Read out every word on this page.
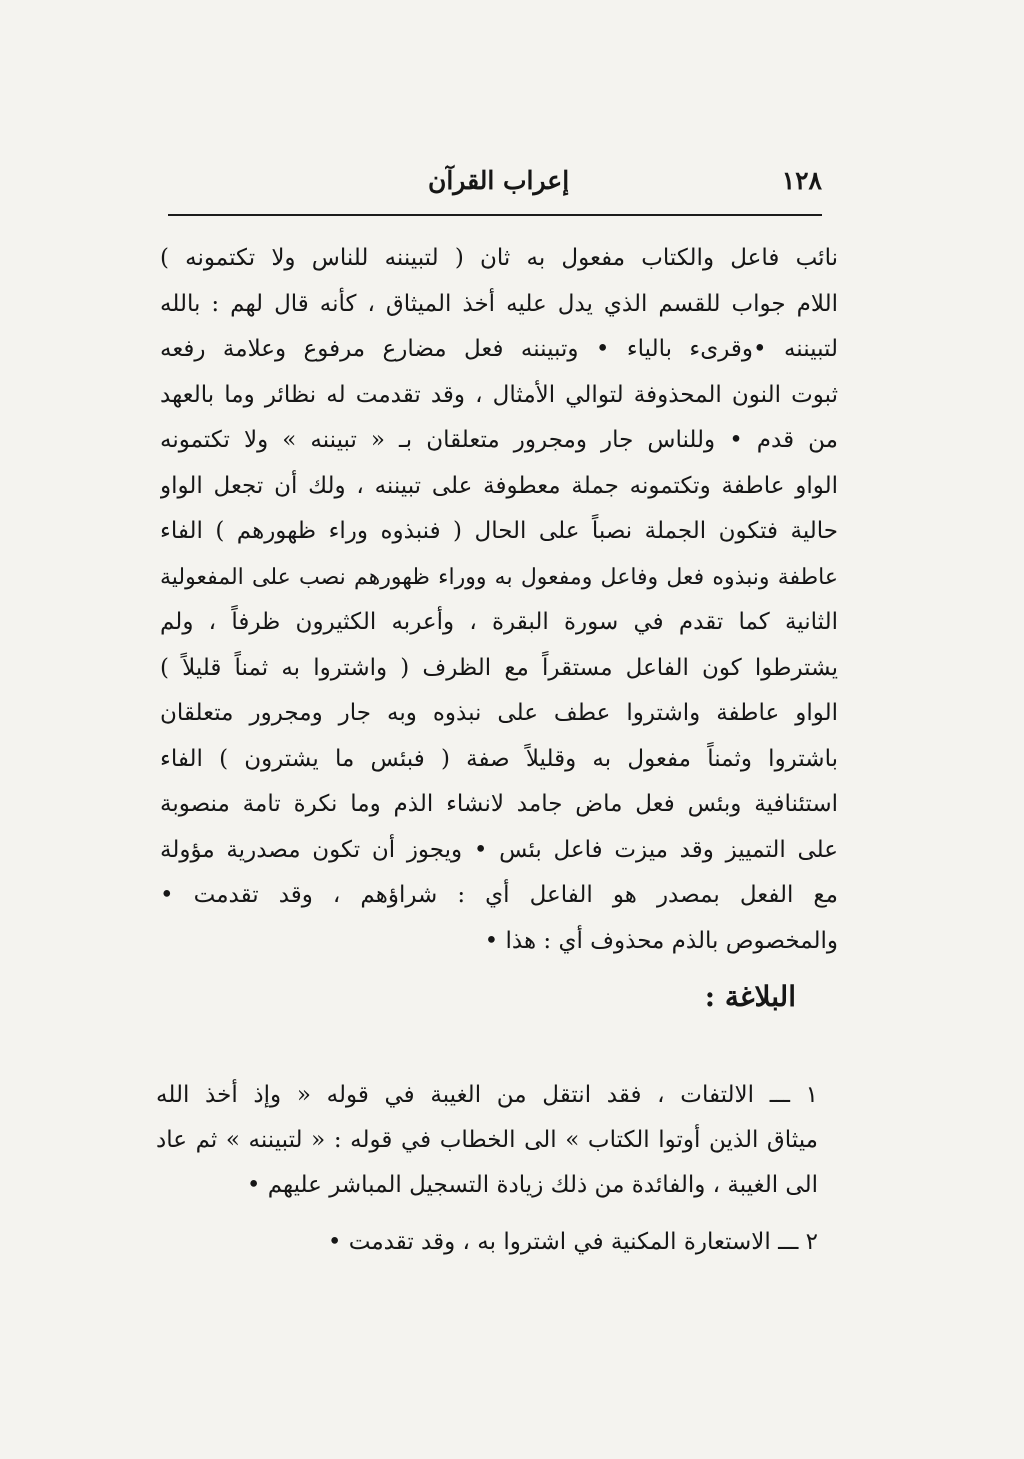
١٢٨
إعراب القرآن
نائب فاعل والكتاب مفعول به ثان ( لتبيننه للناس ولا تكتمونه )
اللام جواب للقسم الذي يدل عليه أخذ الميثاق ، كأنه قال لهم : بالله
لتبيننه •وقرىء بالياء • وتبيننه فعل مضارع مرفوع وعلامة رفعه
ثبوت النون المحذوفة لتوالي الأمثال ، وقد تقدمت له نظائر وما بالعهد
من قدم • وللناس جار ومجرور متعلقان بـ « تبيننه » ولا تكتمونه
الواو عاطفة وتكتمونه جملة معطوفة على تبيننه ، ولك أن تجعل الواو
حالية فتكون الجملة نصباً على الحال ( فنبذوه وراء ظهورهم ) الفاء
عاطفة ونبذوه فعل وفاعل ومفعول به ووراء ظهورهم نصب على المفعولية
الثانية كما تقدم في سورة البقرة ، وأعربه الكثيرون ظرفاً ، ولم
يشترطوا كون الفاعل مستقراً مع الظرف ( واشتروا به ثمناً قليلاً )
الواو عاطفة واشتروا عطف على نبذوه وبه جار ومجرور متعلقان
باشتروا وثمناً مفعول به وقليلاً صفة ( فبئس ما يشترون ) الفاء
استئنافية وبئس فعل ماض جامد لانشاء الذم وما نكرة تامة منصوبة
على التمييز وقد ميزت فاعل بئس • ويجوز أن تكون مصدرية مؤولة
مع الفعل بمصدر هو الفاعل أي : شراؤهم ، وقد تقدمت •
والمخصوص بالذم محذوف أي : هذا •
البلاغة :
١ ـــ الالتفات ، فقد انتقل من الغيبة في قوله « وإذ أخذ الله
ميثاق الذين أوتوا الكتاب » الى الخطاب في قوله : « لتبيننه » ثم عاد
الى الغيبة ، والفائدة من ذلك زيادة التسجيل المباشر عليهم •
٢ ـــ الاستعارة المكنية في اشتروا به ، وقد تقدمت •
